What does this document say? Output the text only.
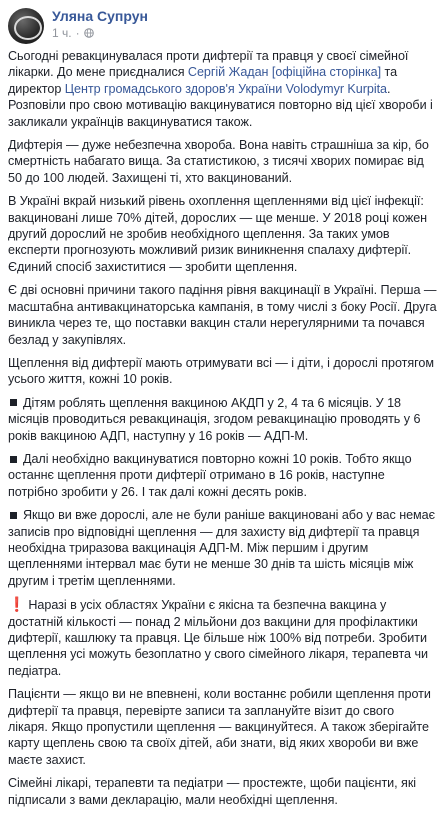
Уляна Супрун
1 ч. ·

Сьогодні ревакцинувалася проти дифтерії та правця у своєї сімейної лікарки. До мене приєдналися Сергій Жадан [офіційна сторінка] та директор Центр громадського здоров'я України Volodymyr Kurpita. Розповіли про свою мотивацію вакцинуватися повторно від цієї хвороби і закликали українців вакцинуватися також.

Дифтерія — дуже небезпечна хвороба. Вона навіть страшніша за кір, бо смертність набагато вища. За статистикою, з тисячі хворих помирає від 50 до 100 людей. Захищені ті, хто вакцинований.

В Україні вкрай низький рівень охоплення щепленнями від цієї інфекції: вакциновані лише 70% дітей, дорослих — ще менше. У 2018 році кожен другий дорослий не зробив необхідного щеплення. За таких умов експерти прогнозують можливий ризик виникнення спалаху дифтерії. Єдиний спосіб захиститися — зробити щеплення.

Є дві основні причини такого падіння рівня вакцинації в Україні. Перша — масштабна антивакцинаторська кампанія, в тому числі з боку Росії. Друга виникла через те, що поставки вакцин стали нерегулярними та почався безлад у закупівлях.

Щеплення від дифтерії мають отримувати всі — і діти, і дорослі протягом усього життя, кожні 10 років.

Дітям роблять щеплення вакциною АКДП у 2, 4 та 6 місяців. У 18 місяців проводиться ревакцинація, згодом ревакцинацію проводять у 6 років вакциною АДП, наступну у 16 років — АДП-М.

Далі необхідно вакцинуватися повторно кожні 10 років. Тобто якщо останнє щеплення проти дифтерії отримано в 16 років, наступне потрібно зробити у 26. І так далі кожні десять років.

Якщо ви вже дорослі, але не були раніше вакциновані або у вас немає записів про відповідні щеплення — для захисту від дифтерії та правця необхідна триразова вакцинація АДП-М. Між першим і другим щепленнями інтервал має бути не менше 30 днів та шість місяців між другим і третім щепленнями.

❗ Наразі в усіх областях України є якісна та безпечна вакцина у достатній кількості — понад 2 мільйони доз вакцини для профілактики дифтерії, кашлюку та правця. Це більше ніж 100% від потреби. Зробити щеплення усі можуть безоплатно у свого сімейного лікаря, терапевта чи педіатра.

Пацієнти — якщо ви не впевнені, коли востаннє робили щеплення проти дифтерії та правця, перевірте записи та заплануйте візит до свого лікаря. Якщо пропустили щеплення — вакцинуйтеся. А також зберігайте карту щеплень свою та своїх дітей, аби знати, від яких хвороби ви вже маєте захист.

Сімейні лікарі, терапевти та педіатри — простежте, щоби пацієнти, які підписали з вами декларацію, мали необхідні щеплення.
